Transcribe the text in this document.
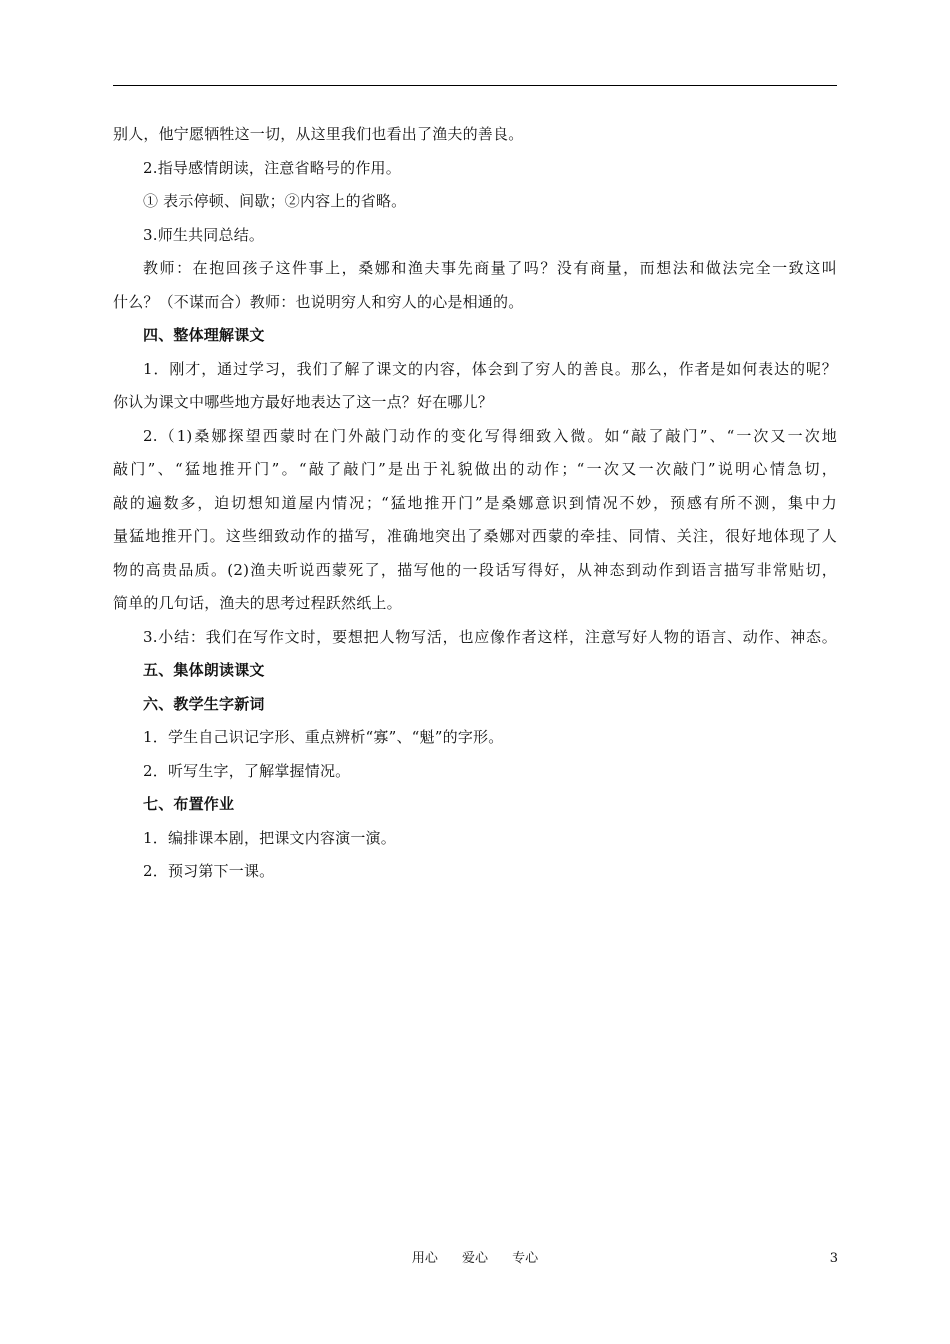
别人，他宁愿牺牲这一切，从这里我们也看出了渔夫的善良。
2.指导感情朗读，注意省略号的作用。
① 表示停顿、间歇；②内容上的省略。
3.师生共同总结。
教师：在抱回孩子这件事上，桑娜和渔夫事先商量了吗？没有商量，而想法和做法完全一致这叫
什么？（不谋而合）教师：也说明穷人和穷人的心是相通的。
四、整体理解课文
1．刚才，通过学习，我们了解了课文的内容，体会到了穷人的善良。那么，作者是如何表达的呢？
你认为课文中哪些地方最好地表达了这一点？好在哪儿？
2.（1)桑娜探望西蒙时在门外敲门动作的变化写得细致入微。如“敲了敲门”、“一次又一次地
敲门”、“猛地推开门”。“敲了敲门”是出于礼貌做出的动作；“一次又一次敲门”说明心情急切，
敲的遍数多，迫切想知道屋内情况；“猛地推开门”是桑娜意识到情况不妙，预感有所不测，集中力
量猛地推开门。这些细致动作的描写，准确地突出了桑娜对西蒙的牵挂、同情、关注，很好地体现了人
物的高贵品质。(2)渔夫听说西蒙死了，描写他的一段话写得好，从神态到动作到语言描写非常贴切，
简单的几句话，渔夫的思考过程跃然纸上。
3.小结：我们在写作文时，要想把人物写活，也应像作者这样，注意写好人物的语言、动作、神态。
五、集体朗读课文
六、教学生字新词
1．学生自己识记字形、重点辨析“寡”、“魁”的字形。
2．听写生字，了解掌握情况。
七、布置作业
1．编排课本剧，把课文内容演一演。
2．预习第下一课。
用心 爱心 专心	3
